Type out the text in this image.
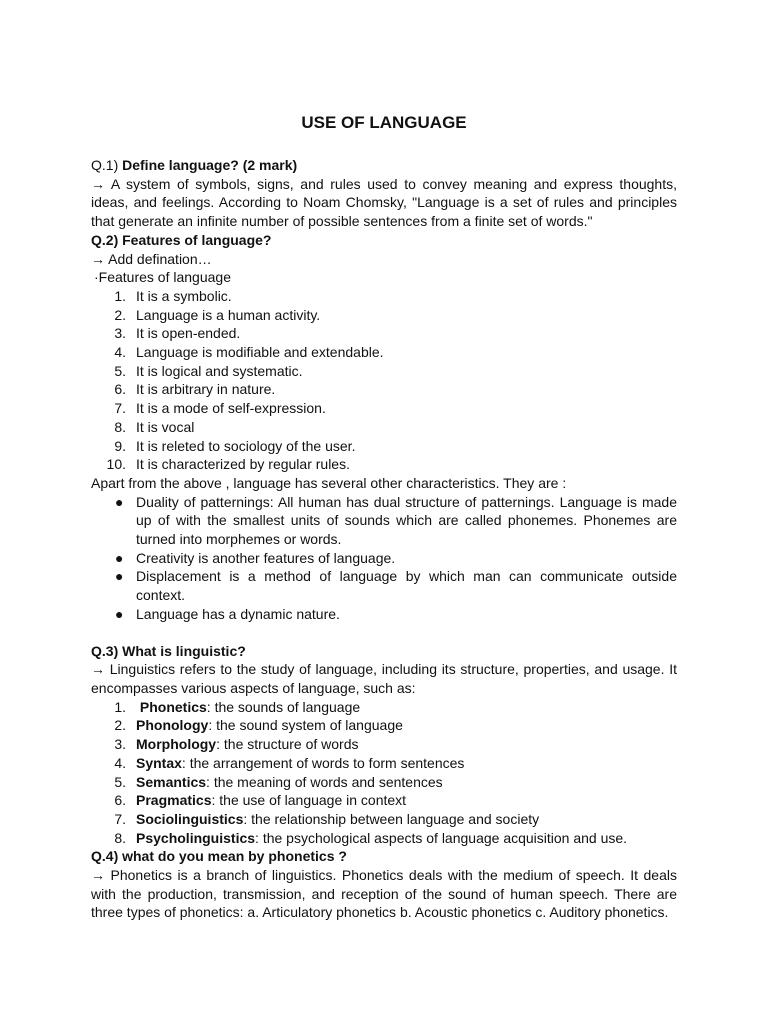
USE OF LANGUAGE

Q.1) Define language? (2 mark)

→ A system of symbols, signs, and rules used to convey meaning and express thoughts, ideas, and feelings. According to Noam Chomsky, "Language is a set of rules and principles that generate an infinite number of possible sentences from a finite set of words."

Q.2) Features of language?

→ Add defination…

·Features of language

1. It is a symbolic.
2. Language is a human activity.
3. It is open-ended.
4. Language is modifiable and extendable.
5. It is logical and systematic.
6. It is arbitrary in nature.
7. It is a mode of self-expression.
8. It is vocal
9. It is releted to sociology of the user.
10. It is characterized by regular rules.

Apart from the above , language has several other characteristics. They are :

● Duality of patternings: All human has dual structure of patternings. Language is made up of with the smallest units of sounds which are called phonemes. Phonemes are turned into morphemes or words.
● Creativity is another features of language.
● Displacement is a method of language by which man can communicate outside context.
● Language has a dynamic nature.

Q.3) What is linguistic?

→ Linguistics refers to the study of language, including its structure, properties, and usage. It encompasses various aspects of language, such as:

1. Phonetics: the sounds of language
2. Phonology: the sound system of language
3. Morphology: the structure of words
4. Syntax: the arrangement of words to form sentences
5. Semantics: the meaning of words and sentences
6. Pragmatics: the use of language in context
7. Sociolinguistics: the relationship between language and society
8. Psycholinguistics: the psychological aspects of language acquisition and use.

Q.4) what do you mean by phonetics ?

→ Phonetics is a branch of linguistics. Phonetics deals with the medium of speech. It deals with the production, transmission, and reception of the sound of human speech. There are three types of phonetics: a. Articulatory phonetics b. Acoustic phonetics c. Auditory phonetics.
